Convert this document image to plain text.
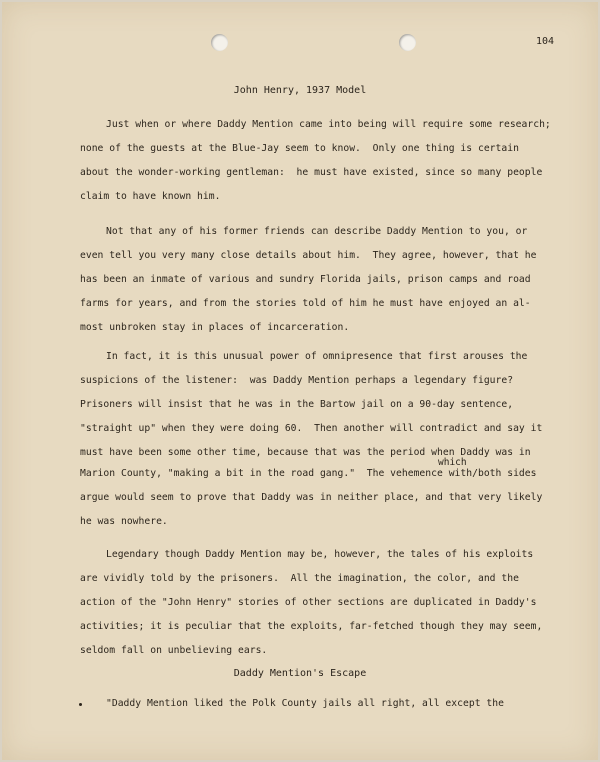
104
John Henry, 1937 Model
Just when or where Daddy Mention came into being will require some research;
none of the guests at the Blue-Jay seem to know.  Only one thing is certain
about the wonder-working gentleman:  he must have existed, since so many people
claim to have known him.
Not that any of his former friends can describe Daddy Mention to you, or
even tell you very many close details about him.  They agree, however, that he
has been an inmate of various and sundry Florida jails, prison camps and road
farms for years, and from the stories told of him he must have enjoyed an al-
most unbroken stay in places of incarceration.
In fact, it is this unusual power of omnipresence that first arouses the
suspicions of the listener:  was Daddy Mention perhaps a legendary figure?
Prisoners will insist that he was in the Bartow jail on a 90-day sentence,
"straight up" when they were doing 60.  Then another will contradict and say it
must have been some other time, because that was the period when Daddy was in
which
Marion County, "making a bit in the road gang."  The vehemence with/both sides
argue would seem to prove that Daddy was in neither place, and that very likely
he was nowhere.
Legendary though Daddy Mention may be, however, the tales of his exploits
are vividly told by the prisoners.  All the imagination, the color, and the
action of the "John Henry" stories of other sections are duplicated in Daddy's
activities; it is peculiar that the exploits, far-fetched though they may seem,
seldom fall on unbelieving ears.
Daddy Mention's Escape
"Daddy Mention liked the Polk County jails all right, all except the
